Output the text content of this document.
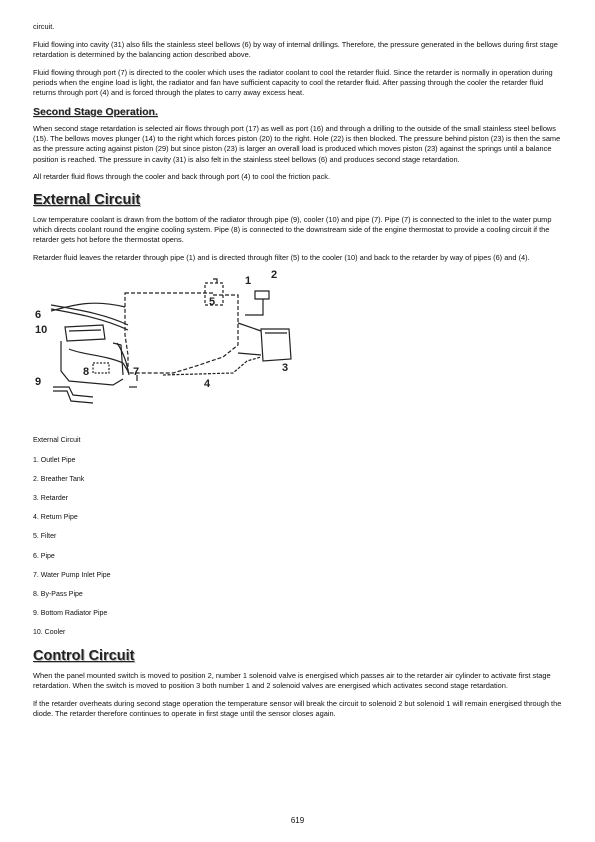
circuit.

Fluid flowing into cavity (31) also fills the stainless steel bellows (6) by way of internal drillings. Therefore, the pressure generated in the bellows during first stage retardation is determined by the balancing action described above.

Fluid flowing through port (7) is directed to the cooler which uses the radiator coolant to cool the retarder fluid. Since the retarder is normally in operation during periods when the engine load is light, the radiator and fan have sufficient capacity to cool the retarder fluid. After passing through the cooler the retarder fluid returns through port (4) and is forced through the plates to carry away excess heat.

Second Stage Operation.

When second stage retardation is selected air flows through port (17) as well as port (16) and through a drilling to the outside of the small stainless steel bellows (15). The bellows moves plunger (14) to the right which forces piston (20) to the right. Hole (22) is then blocked. The pressure behind piston (23) is then the same as the pressure acting against piston (29) but since piston (23) is larger an overall load is produced which moves piston (23) against the springs until a balance position is reached. The pressure in cavity (31) is also felt in the stainless steel bellows (6) and produces second stage retardation.

All retarder fluid flows through the cooler and back through port (4) to cool the friction pack.

External Circuit

Low temperature coolant is drawn from the bottom of the radiator through pipe (9), cooler (10) and pipe (7). Pipe (7) is connected to the inlet to the water pump which directs coolant round the engine cooling system. Pipe (8) is connected to the downstream side of the engine thermostat to provide a cooling circuit if the retarder gets hot before the thermostat opens.

Retarder fluid leaves the retarder through pipe (1) and is directed through filter (5) to the cooler (10) and back to the retarder by way of pipes (6) and (4).

1 2
3
4
5
6
7
8
9
10

External Circuit

1. Outlet Pipe

2. Breather Tank

3. Retarder

4. Return Pipe

5. Filter

6. Pipe

7. Water Pump Inlet Pipe

8. By-Pass Pipe

9. Bottom Radiator Pipe

10. Cooler

Control Circuit

When the panel mounted switch is moved to position 2, number 1 solenoid valve is energised which passes air to the retarder air cylinder to activate first stage retardation. When the switch is moved to position 3 both number 1 and 2 solenoid valves are energised which activates second stage retardation.

If the retarder overheats during second stage operation the temperature sensor will break the circuit to solenoid 2 but solenoid 1 will remain energised through the diode. The retarder therefore continues to operate in first stage until the sensor closes again.

619
